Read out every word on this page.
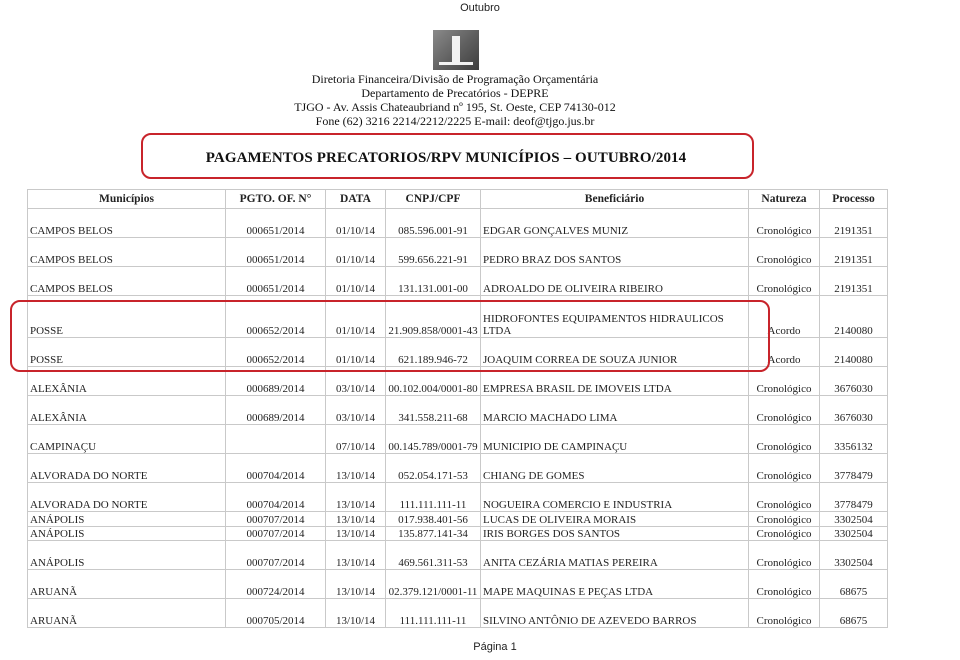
Outubro
Diretoria Financeira/Divisão de Programação Orçamentária
Departamento de Precatórios - DEPRE
TJGO - Av. Assis Chateaubriand nº 195, St. Oeste, CEP 74130-012
Fone (62) 3216 2214/2212/2225 E-mail: deof@tjgo.jus.br
PAGAMENTOS PRECATORIOS/RPV MUNICÍPIOS – OUTUBRO/2014
Municípios	PGTO. OF. N°	DATA	CNPJ/CPF	Beneficiário	Natureza	Processo
CAMPOS BELOS	000651/2014	01/10/14	085.596.001-91	EDGAR GONÇALVES MUNIZ	Cronológico	2191351
CAMPOS BELOS	000651/2014	01/10/14	599.656.221-91	PEDRO BRAZ DOS SANTOS	Cronológico	2191351
CAMPOS BELOS	000651/2014	01/10/14	131.131.001-00	ADROALDO DE OLIVEIRA RIBEIRO	Cronológico	2191351
POSSE	000652/2014	01/10/14	21.909.858/0001-43	HIDROFONTES EQUIPAMENTOS HIDRAULICOS LTDA	Acordo	2140080
POSSE	000652/2014	01/10/14	621.189.946-72	JOAQUIM CORREA DE SOUZA JUNIOR	Acordo	2140080
ALEXÂNIA	000689/2014	03/10/14	00.102.004/0001-80	EMPRESA BRASIL DE IMOVEIS LTDA	Cronológico	3676030
ALEXÂNIA	000689/2014	03/10/14	341.558.211-68	MARCIO MACHADO LIMA	Cronológico	3676030
CAMPINAÇU		07/10/14	00.145.789/0001-79	MUNICIPIO DE CAMPINAÇU	Cronológico	3356132
ALVORADA DO NORTE	000704/2014	13/10/14	052.054.171-53	CHIANG DE GOMES	Cronológico	3778479
ALVORADA DO NORTE	000704/2014	13/10/14	111.111.111-11	NOGUEIRA COMERCIO E INDUSTRIA	Cronológico	3778479
ANÁPOLIS	000707/2014	13/10/14	017.938.401-56	LUCAS DE OLIVEIRA MORAIS	Cronológico	3302504
ANÁPOLIS	000707/2014	13/10/14	135.877.141-34	IRIS BORGES DOS SANTOS	Cronológico	3302504
ANÁPOLIS	000707/2014	13/10/14	469.561.311-53	ANITA CEZÁRIA MATIAS PEREIRA	Cronológico	3302504
ARUANÃ	000724/2014	13/10/14	02.379.121/0001-11	MAPE MAQUINAS E PEÇAS LTDA	Cronológico	68675
ARUANÃ	000705/2014	13/10/14	111.111.111-11	SILVINO ANTÔNIO DE AZEVEDO BARROS	Cronológico	68675
Página 1
